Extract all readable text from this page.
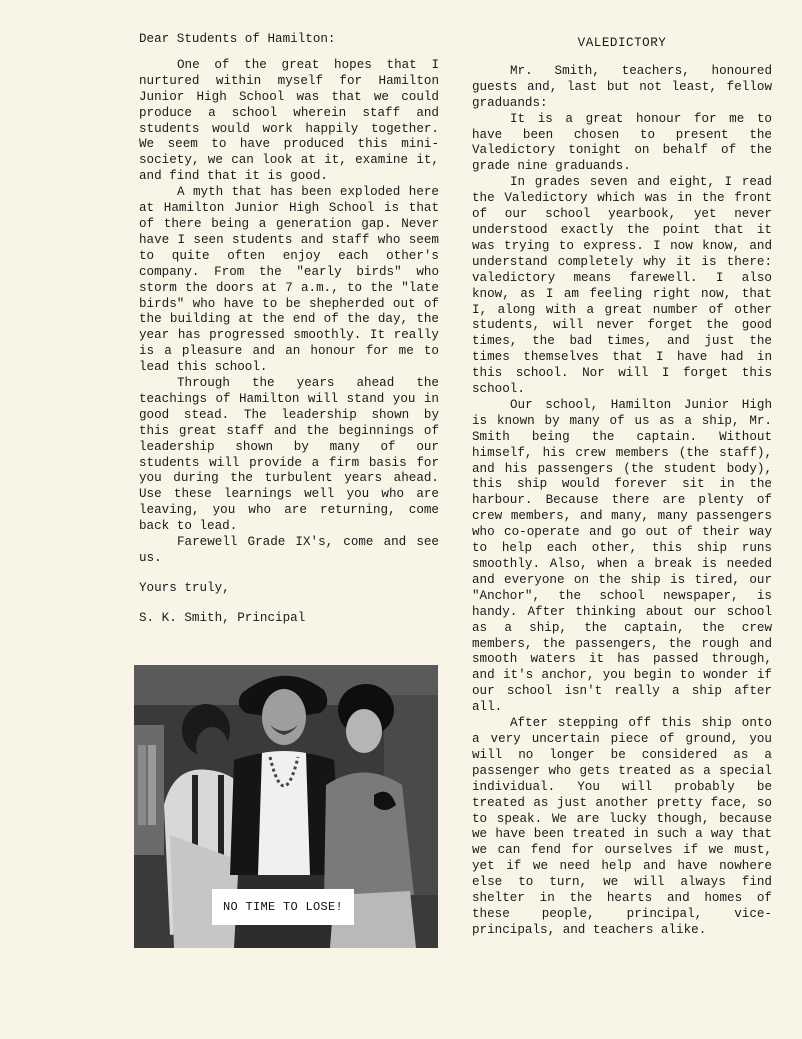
Dear Students of Hamilton:

One of the great hopes that I nurtured within myself for Hamilton Junior High School was that we could produce a school wherein staff and students would work happily together. We seem to have produced this mini-society, we can look at it, examine it, and find that it is good.

A myth that has been exploded here at Hamilton Junior High School is that of there being a generation gap. Never have I seen students and staff who seem to quite often enjoy each other's company. From the "early birds" who storm the doors at 7 a.m., to the "late birds" who have to be shepherded out of the building at the end of the day, the year has progressed smoothly. It really is a pleasure and an honour for me to lead this school.

Through the years ahead the teachings of Hamilton will stand you in good stead. The leadership shown by this great staff and the beginnings of leadership shown by many of our students will provide a firm basis for you during the turbulent years ahead. Use these learnings well you who are leaving, you who are returning, come back to lead.

Farewell Grade IX's, come and see us.

Yours truly,

S. K. Smith, Principal

NO TIME TO LOSE!

VALEDICTORY

Mr. Smith, teachers, honoured guests and, last but not least, fellow graduands:

It is a great honour for me to have been chosen to present the Valedictory tonight on behalf of the grade nine graduands.

In grades seven and eight, I read the Valedictory which was in the front of our school yearbook, yet never understood exactly the point that it was trying to express. I now know, and understand completely why it is there: valedictory means farewell. I also know, as I am feeling right now, that I, along with a great number of other students, will never forget the good times, the bad times, and just the times themselves that I have had in this school. Nor will I forget this school.

Our school, Hamilton Junior High is known by many of us as a ship, Mr. Smith being the captain. Without himself, his crew members (the staff), and his passengers (the student body), this ship would forever sit in the harbour. Because there are plenty of crew members, and many, many passengers who co-operate and go out of their way to help each other, this ship runs smoothly. Also, when a break is needed and everyone on the ship is tired, our "Anchor", the school newspaper, is handy. After thinking about our school as a ship, the captain, the crew members, the passengers, the rough and smooth waters it has passed through, and it's anchor, you begin to wonder if our school isn't really a ship after all.

After stepping off this ship onto a very uncertain piece of ground, you will no longer be considered as a passenger who gets treated as a special individual. You will probably be treated as just another pretty face, so to speak. We are lucky though, because we have been treated in such a way that we can fend for ourselves if we must, yet if we need help and have nowhere else to turn, we will always find shelter in the hearts and homes of these people, principal, vice-principals, and teachers alike.
